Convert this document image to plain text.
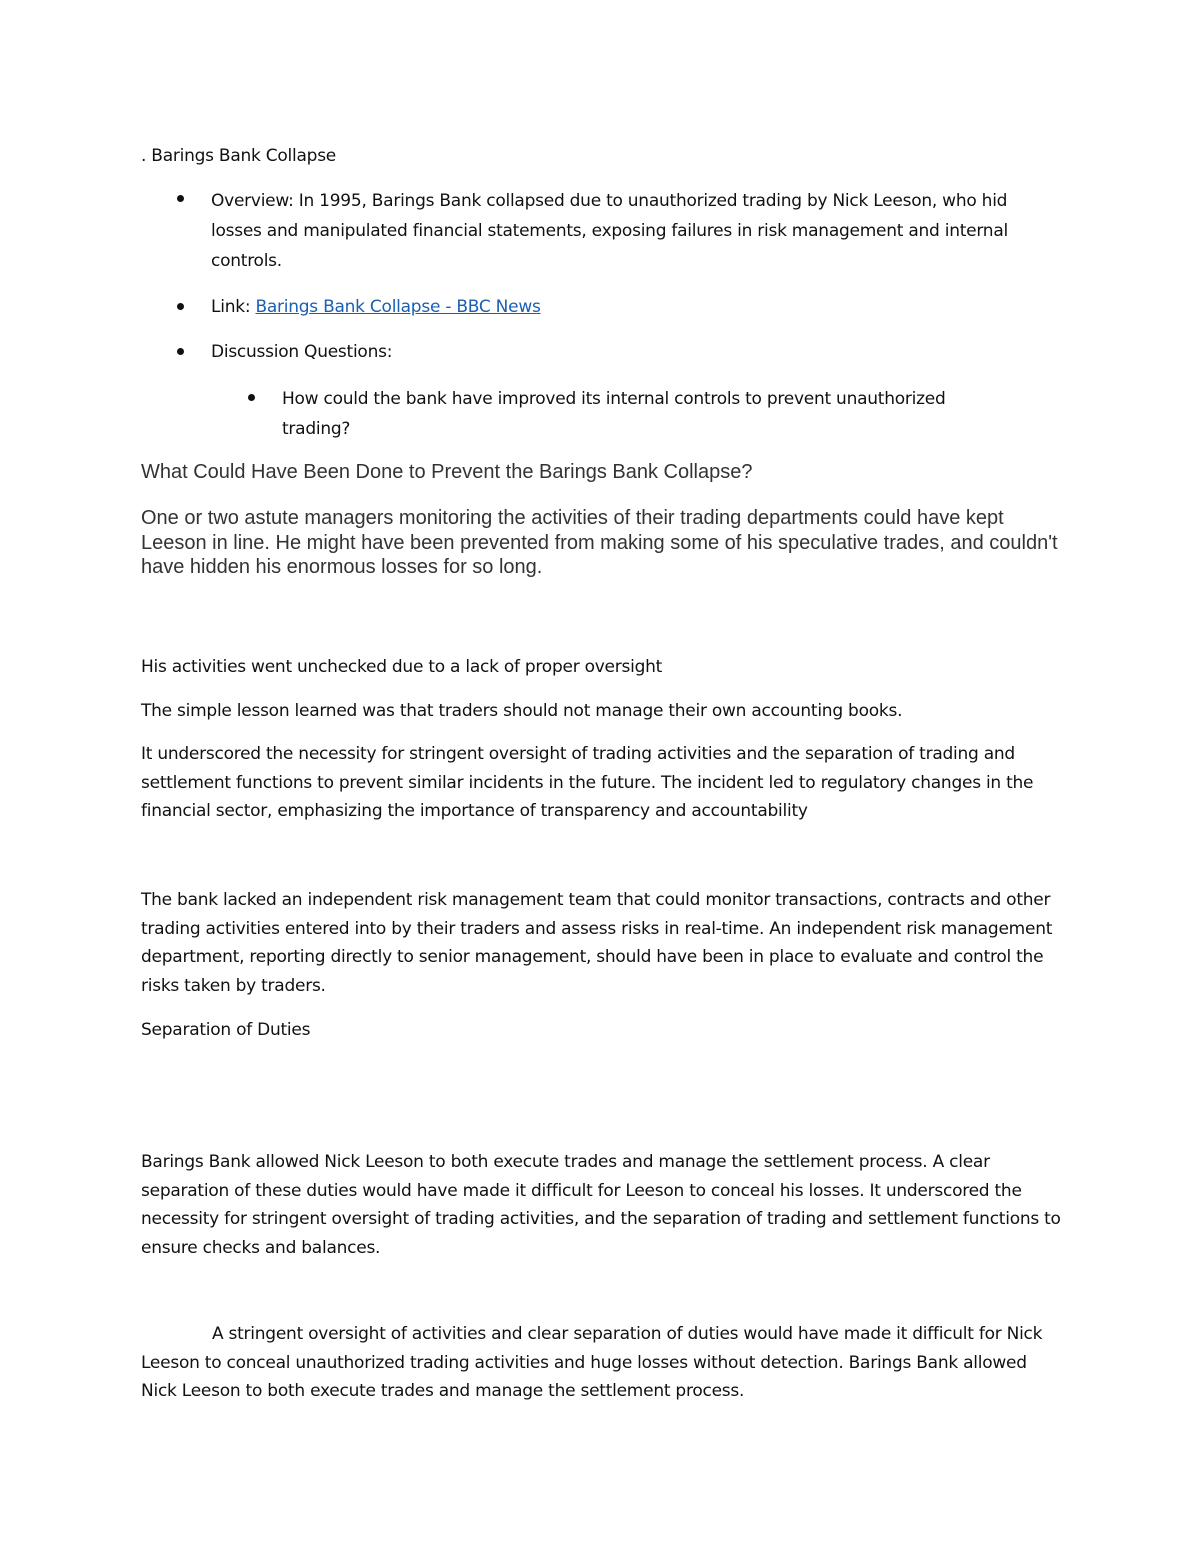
. Barings Bank Collapse

Overview: In 1995, Barings Bank collapsed due to unauthorized trading by Nick Leeson, who hid losses and manipulated financial statements, exposing failures in risk management and internal controls.

Link: Barings Bank Collapse - BBC News

Discussion Questions:

How could the bank have improved its internal controls to prevent unauthorized trading?

What Could Have Been Done to Prevent the Barings Bank Collapse?

One or two astute managers monitoring the activities of their trading departments could have kept Leeson in line. He might have been prevented from making some of his speculative trades, and couldn't have hidden his enormous losses for so long.

His activities went unchecked due to a lack of proper oversight

The simple lesson learned was that traders should not manage their own accounting books.

It underscored the necessity for stringent oversight of trading activities and the separation of trading and settlement functions to prevent similar incidents in the future. The incident led to regulatory changes in the financial sector, emphasizing the importance of transparency and accountability

The bank lacked an independent risk management team that could monitor transactions, contracts and other trading activities entered into by their traders and assess risks in real-time. An independent risk management department, reporting directly to senior management, should have been in place to evaluate and control the risks taken by traders.

Separation of Duties

Barings Bank allowed Nick Leeson to both execute trades and manage the settlement process. A clear separation of these duties would have made it difficult for Leeson to conceal his losses. It underscored the necessity for stringent oversight of trading activities, and the separation of trading and settlement functions to ensure checks and balances.

A stringent oversight of activities and clear separation of duties would have made it difficult for Nick Leeson to conceal unauthorized trading activities and huge losses without detection. Barings Bank allowed Nick Leeson to both execute trades and manage the settlement process.
